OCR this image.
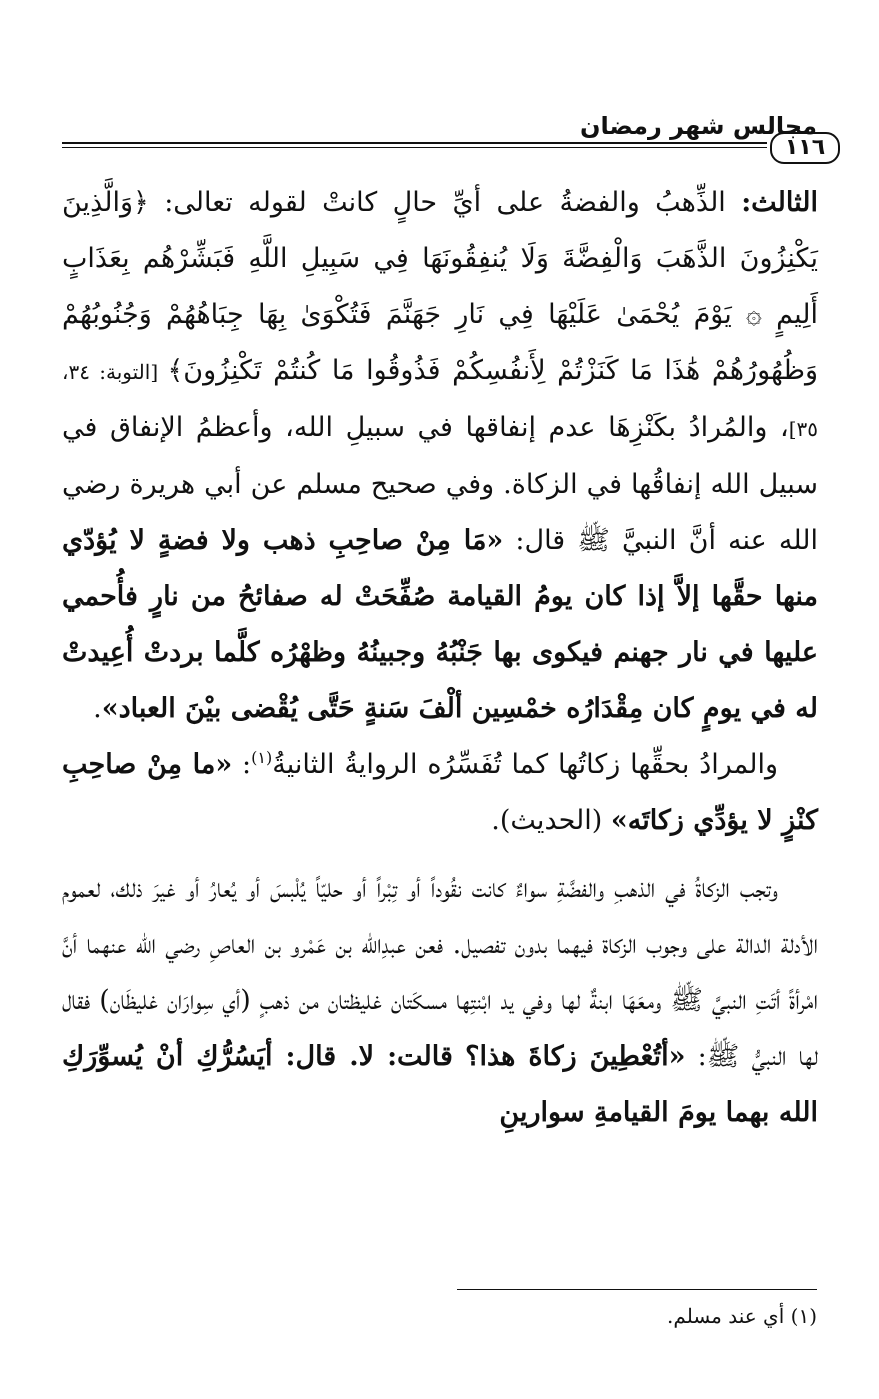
مجالس شهر رمضان
١١٦

الثالث: الذِّهبُ والفضةُ على أيِّ حالٍ كانتْ لقوله تعالى: ﴿وَالَّذِينَ يَكْنِزُونَ الذَّهَبَ وَالْفِضَّةَ وَلَا يُنفِقُونَهَا فِي سَبِيلِ اللَّهِ فَبَشِّرْهُم بِعَذَابٍ أَلِيمٍ ۞ يَوْمَ يُحْمَىٰ عَلَيْهَا فِي نَارِ جَهَنَّمَ فَتُكْوَىٰ بِهَا جِبَاهُهُمْ وَجُنُوبُهُمْ وَظُهُورُهُمْ هَٰذَا مَا كَنَزْتُمْ لِأَنفُسِكُمْ فَذُوقُوا مَا كُنتُمْ تَكْنِزُونَ﴾ [التوبة: ٣٤، ٣٥]، والمُرادُ بكَنْزِهَا عدم إنفاقها في سبيلِ الله، وأعظمُ الإنفاق في سبيل الله إنفاقُها في الزكاة. وفي صحيح مسلم عن أبي هريرة رضي الله عنه أنَّ النبيَّ ﷺ قال: «مَا مِنْ صاحِبِ ذهب ولا فضةٍ لا يُؤدّي منها حقَّها إلاَّ إذا كان يومُ القيامة صُفِّحَتْ له صفائحُ من نارٍ فأُحمي عليها في نار جهنم فيكوى بها جَنْبُهُ وجبينُهُ وظهْرُه كلَّما بردتْ أُعِيدتْ له في يومٍ كان مِقْدَارُه خمْسِين ألْفَ سَنةٍ حَتَّى يُقْضى بيْنَ العباد».

والمرادُ بحقِّها زكاتُها كما تُفَسِّرُه الروايةُ الثانيةُ$^{(١)}$: «ما مِنْ صاحِبِ كنْزٍ لا يؤدِّي زكاتَه» (الحديث).

وتجب الزكاةُ في الذهبِ والفضَّةِ سواءٌ كانت نقُوداً أو تِبْراً أو حليّاً يُلْبسَ أو يُعارُ أو غيرَ ذلك، لعموم الأدلة الدالة على وجوب الزكاة فيهما بدون تفصيل. فعن عبدِالله بن عَمْرو بن العاصِ رضي الله عنهما أنَّ امْرأةً أتَتِ النبيَّ ﷺ ومعَهَا ابنةٌ لها وفي يد ابْنتِها مسكَتان غليظتان من ذهبٍ (أي سِوارَان غليظَان) فقال لها النبيُّ ﷺ: «أتُعْطِينَ زكاةَ هذا؟ قالت: لا. قال: أيَسُرُّكِ أنْ يُسوِّرَكِ الله بهما يومَ القيامةِ سوارينِ

(١) أي عند مسلم.
